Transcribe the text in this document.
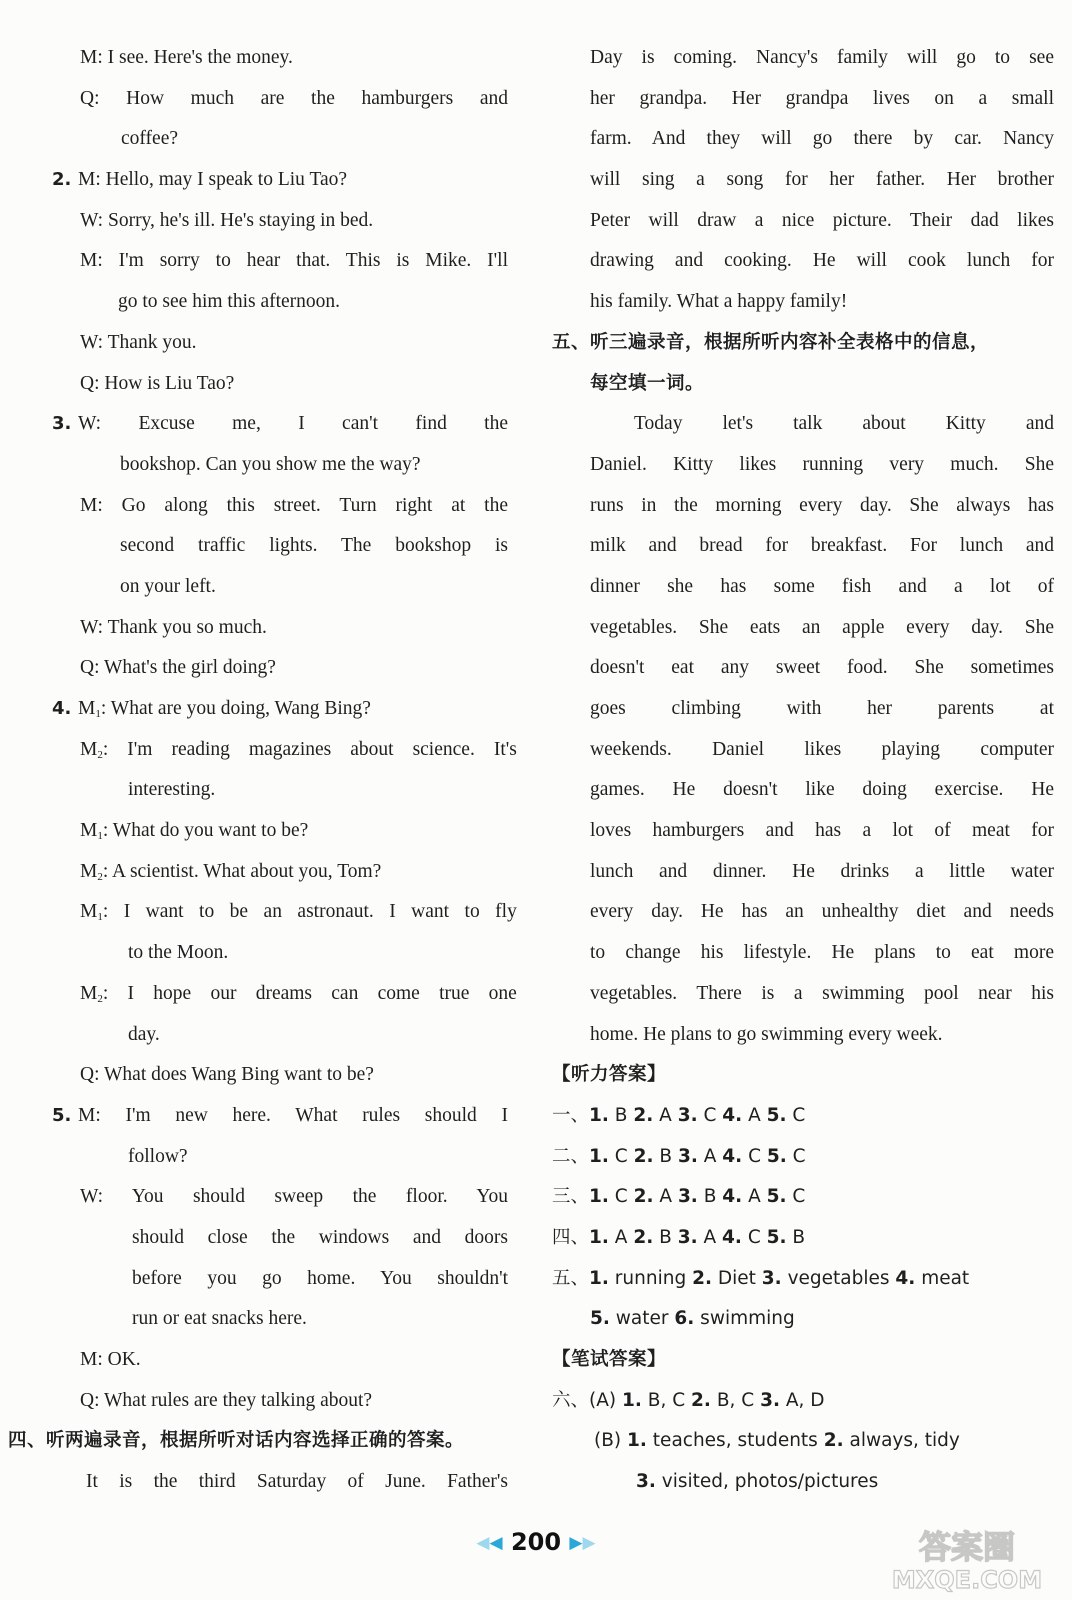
M: I see. Here's the money.
Q: How much are the hamburgers and
coffee?
2. M: Hello, may I speak to Liu Tao?
W: Sorry, he's ill. He's staying in bed.
M: I'm sorry to hear that. This is Mike. I'll
go to see him this afternoon.
W: Thank you.
Q: How is Liu Tao?
3. W: Excuse me, I can't find the
bookshop. Can you show me the way?
M: Go along this street. Turn right at the
second traffic lights. The bookshop is
on your left.
W: Thank you so much.
Q: What's the girl doing?
4. $M_1$: What are you doing, Wang Bing?
$M_2$: I'm reading magazines about science. It's
interesting.
$M_1$: What do you want to be?
$M_2$: A scientist. What about you, Tom?
$M_1$: I want to be an astronaut. I want to fly
to the Moon.
$M_2$: I hope our dreams can come true one
day.
Q: What does Wang Bing want to be?
5. M: I'm new here. What rules should I
follow?
W: You should sweep the floor. You
should close the windows and doors
before you go home. You shouldn't
run or eat snacks here.
M: OK.
Q: What rules are they talking about?
四、听两遍录音，根据所听对话内容选择正确的答案。
It is the third Saturday of June. Father's
Day is coming. Nancy's family will go to see
her grandpa. Her grandpa lives on a small
farm. And they will go there by car. Nancy
will sing a song for her father. Her brother
Peter will draw a nice picture. Their dad likes
drawing and cooking. He will cook lunch for
his family. What a happy family!
五、听三遍录音，根据所听内容补全表格中的信息，
每空填一词。
Today let's talk about Kitty and
Daniel. Kitty likes running very much. She
runs in the morning every day. She always has
milk and bread for breakfast. For lunch and
dinner she has some fish and a lot of
vegetables. She eats an apple every day. She
doesn't eat any sweet food. She sometimes
goes climbing with her parents at
weekends. Daniel likes playing computer
games. He doesn't like doing exercise. He
loves hamburgers and has a lot of meat for
lunch and dinner. He drinks a little water
every day. He has an unhealthy diet and needs
to change his lifestyle. He plans to eat more
vegetables. There is a swimming pool near his
home. He plans to go swimming every week.
【听力答案】
一、1. B 2. A 3. C 4. A 5. C
二、1. C 2. B 3. A 4. C 5. C
三、1. C 2. A 3. B 4. A 5. C
四、1. A 2. B 3. A 4. C 5. B
五、1. running 2. Diet 3. vegetables 4. meat
5. water 6. swimming
【笔试答案】
六、(A) 1. B, C 2. B, C 3. A, D
(B) 1. teaches, students 2. always, tidy
3. visited, photos/pictures
◀◀ 200 ▶▶	答案圈
MXQE.COM
